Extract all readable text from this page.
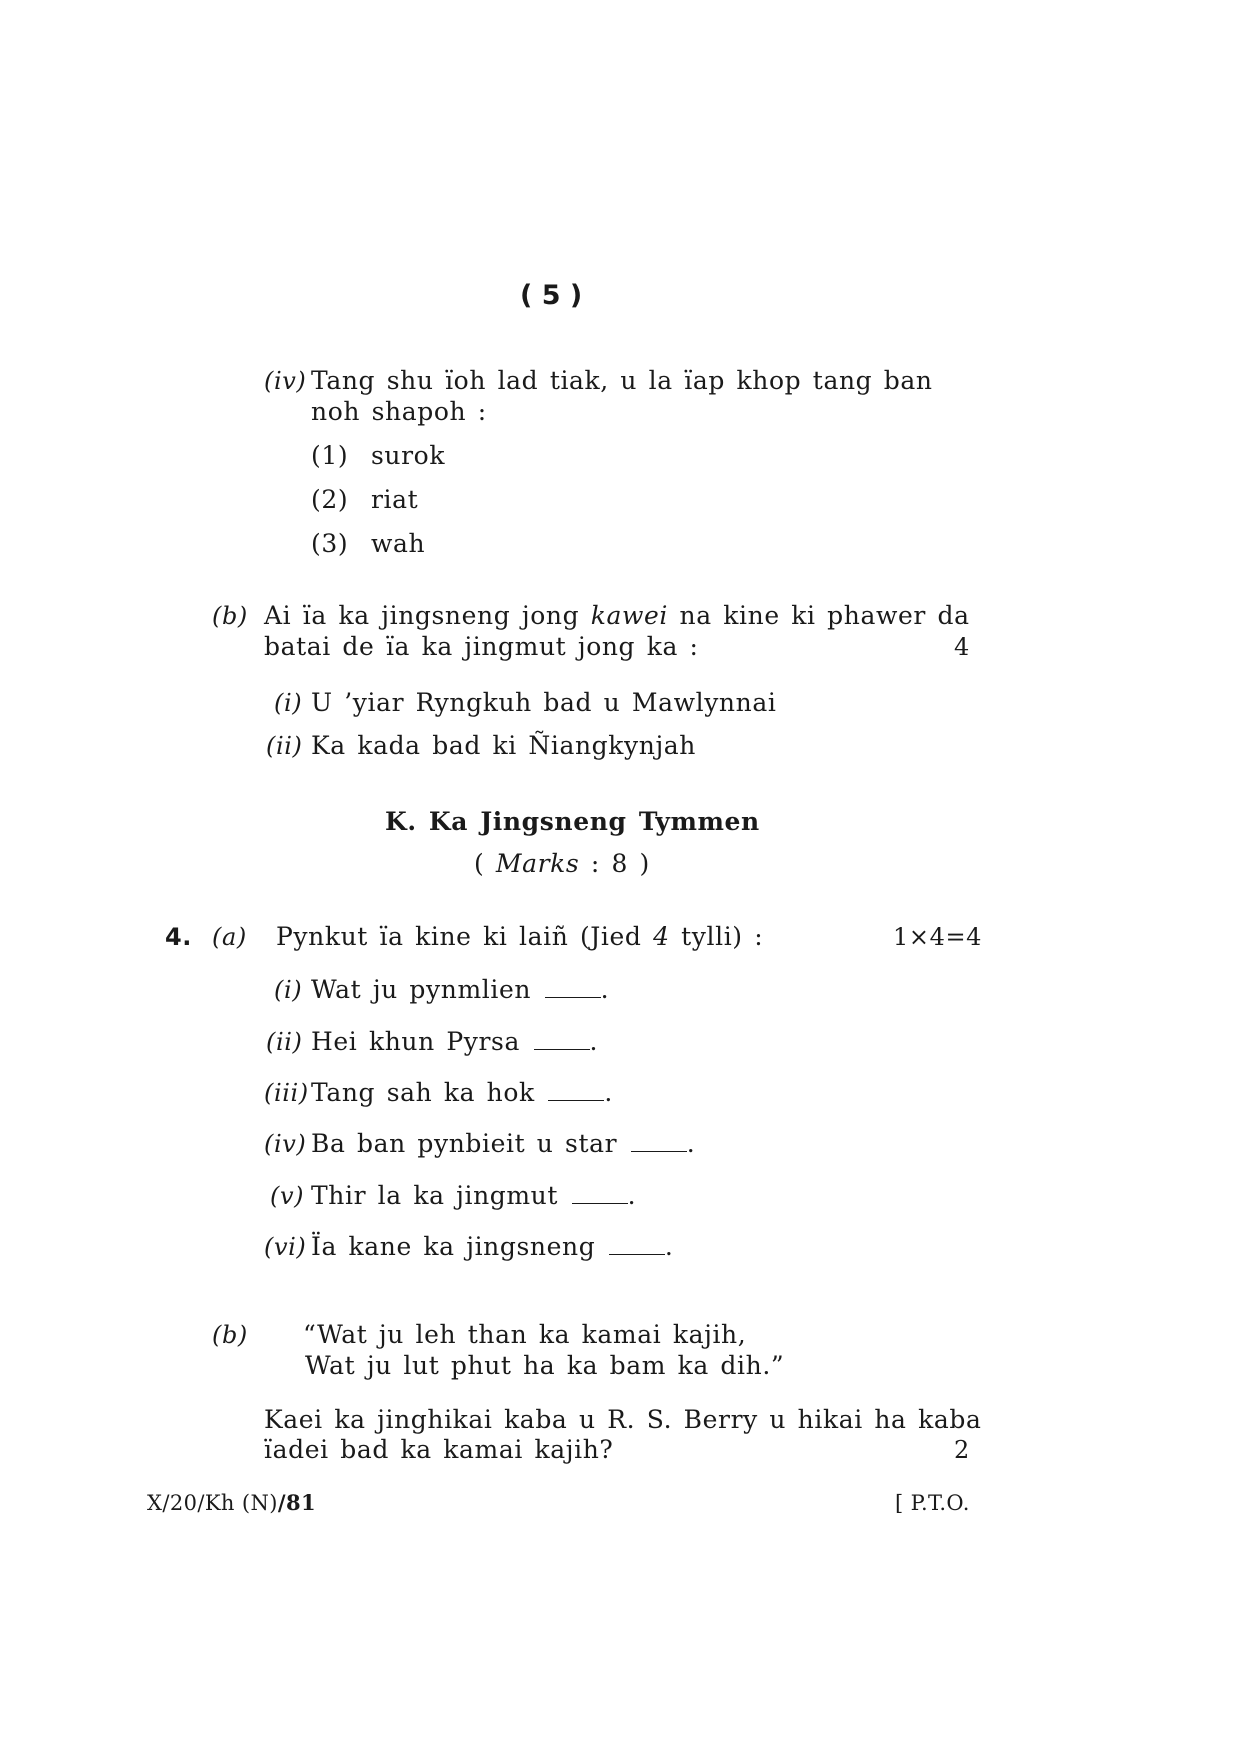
( 5 )
(iv) Tang shu ïoh lad tiak, u la ïap khop tang ban
noh shapoh :
(1) surok
(2) riat
(3) wah
(b) Ai ïa ka jingsneng jong kawei na kine ki phawer da
batai de ïa ka jingmut jong ka :	4
(i) U ’yiar Ryngkuh bad u Mawlynnai
(ii) Ka kada bad ki Ñiangkynjah
K. Ka Jingsneng Tymmen
( Marks : 8 )
4. (a) Pynkut ïa kine ki laiñ (Jied 4 tylli) :	1×4=4
(i) Wat ju pynmlien	.
(ii) Hei khun Pyrsa	.
(iii) Tang sah ka hok	.
(iv) Ba ban pynbieit u star	.
(v) Thir la ka jingmut	.
(vi) Ïa kane ka jingsneng	.
(b) “Wat ju leh than ka kamai kajih,
Wat ju lut phut ha ka bam ka dih.”
Kaei ka jinghikai kaba u R. S. Berry u hikai ha kaba
ïadei bad ka kamai kajih?	2
X/20/Kh (N)/81	[ P.T.O.
